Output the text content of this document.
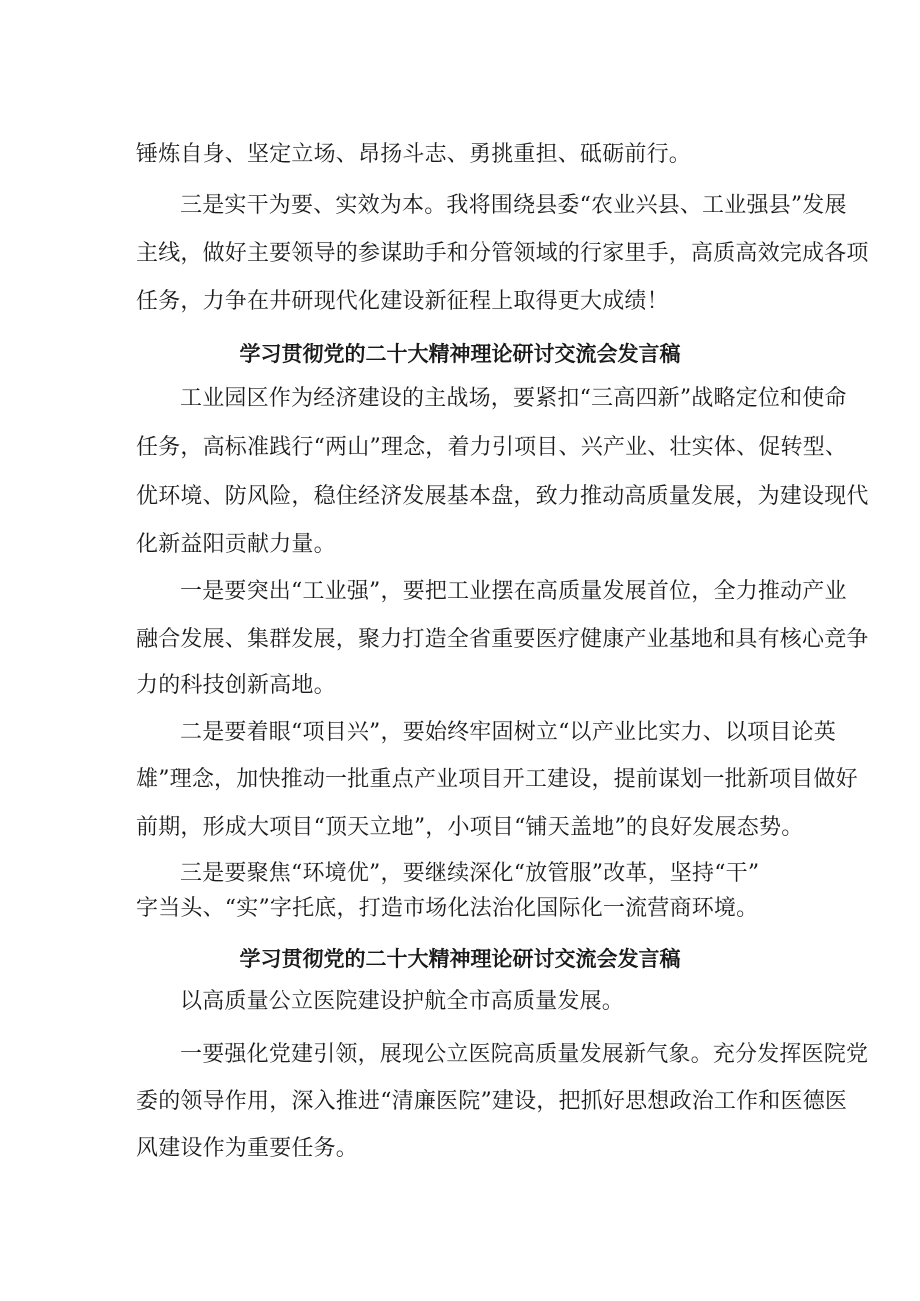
锤炼自身、坚定立场、昂扬斗志、勇挑重担、砥砺前行。
三是实干为要、实效为本。我将围绕县委“农业兴县、工业强县”发展
主线，做好主要领导的参谋助手和分管领域的行家里手，高质高效完成各项
任务，力争在井研现代化建设新征程上取得更大成绩！
学习贯彻党的二十大精神理论研讨交流会发言稿
工业园区作为经济建设的主战场，要紧扣“三高四新”战略定位和使命
任务，高标准践行“两山”理念，着力引项目、兴产业、壮实体、促转型、
优环境、防风险，稳住经济发展基本盘，致力推动高质量发展，为建设现代
化新益阳贡献力量。
一是要突出“工业强”，要把工业摆在高质量发展首位，全力推动产业
融合发展、集群发展，聚力打造全省重要医疗健康产业基地和具有核心竞争
力的科技创新高地。
二是要着眼“项目兴”，要始终牢固树立“以产业比实力、以项目论英
雄”理念，加快推动一批重点产业项目开工建设，提前谋划一批新项目做好
前期，形成大项目“顶天立地”，小项目“铺天盖地”的良好发展态势。
三是要聚焦“环境优”，要继续深化“放管服”改革，坚持“干”
字当头、“实”字托底，打造市场化法治化国际化一流营商环境。
学习贯彻党的二十大精神理论研讨交流会发言稿
以高质量公立医院建设护航全市高质量发展。
一要强化党建引领，展现公立医院高质量发展新气象。充分发挥医院党
委的领导作用，深入推进“清廉医院”建设，把抓好思想政治工作和医德医
风建设作为重要任务。
